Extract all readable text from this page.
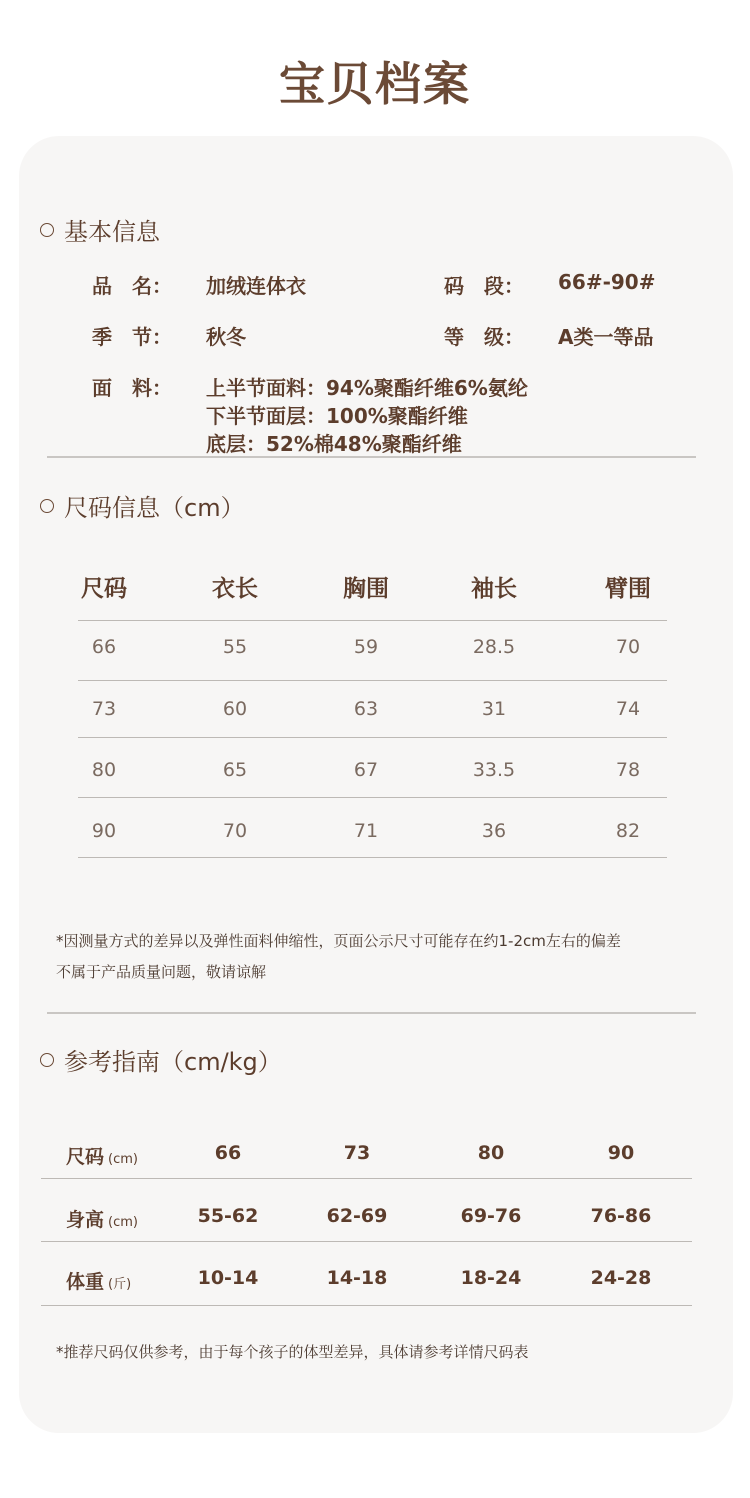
宝贝档案
基本信息
品　名： 加绒连体衣	码　段： 66#-90#
季　节： 秋冬	等　级： A类一等品
面　料： 上半节面料：94%聚酯纤维6%氨纶
下半节面层：100%聚酯纤维
底层：52%棉48%聚酯纤维
尺码信息（cm）
尺码	衣长	胸围	袖长	臂围
66	55	59	28.5	70
73	60	63	31	74
80	65	67	33.5	78
90	70	71	36	82
*因测量方式的差异以及弹性面料伸缩性，页面公示尺寸可能存在约1-2cm左右的偏差
不属于产品质量问题，敬请谅解
参考指南（cm/kg）
尺码 (cm)	66	73	80	90
身高 (cm)	55-62	62-69	69-76	76-86
体重 (斤)	10-14	14-18	18-24	24-28
*推荐尺码仅供参考，由于每个孩子的体型差异，具体请参考详情尺码表
